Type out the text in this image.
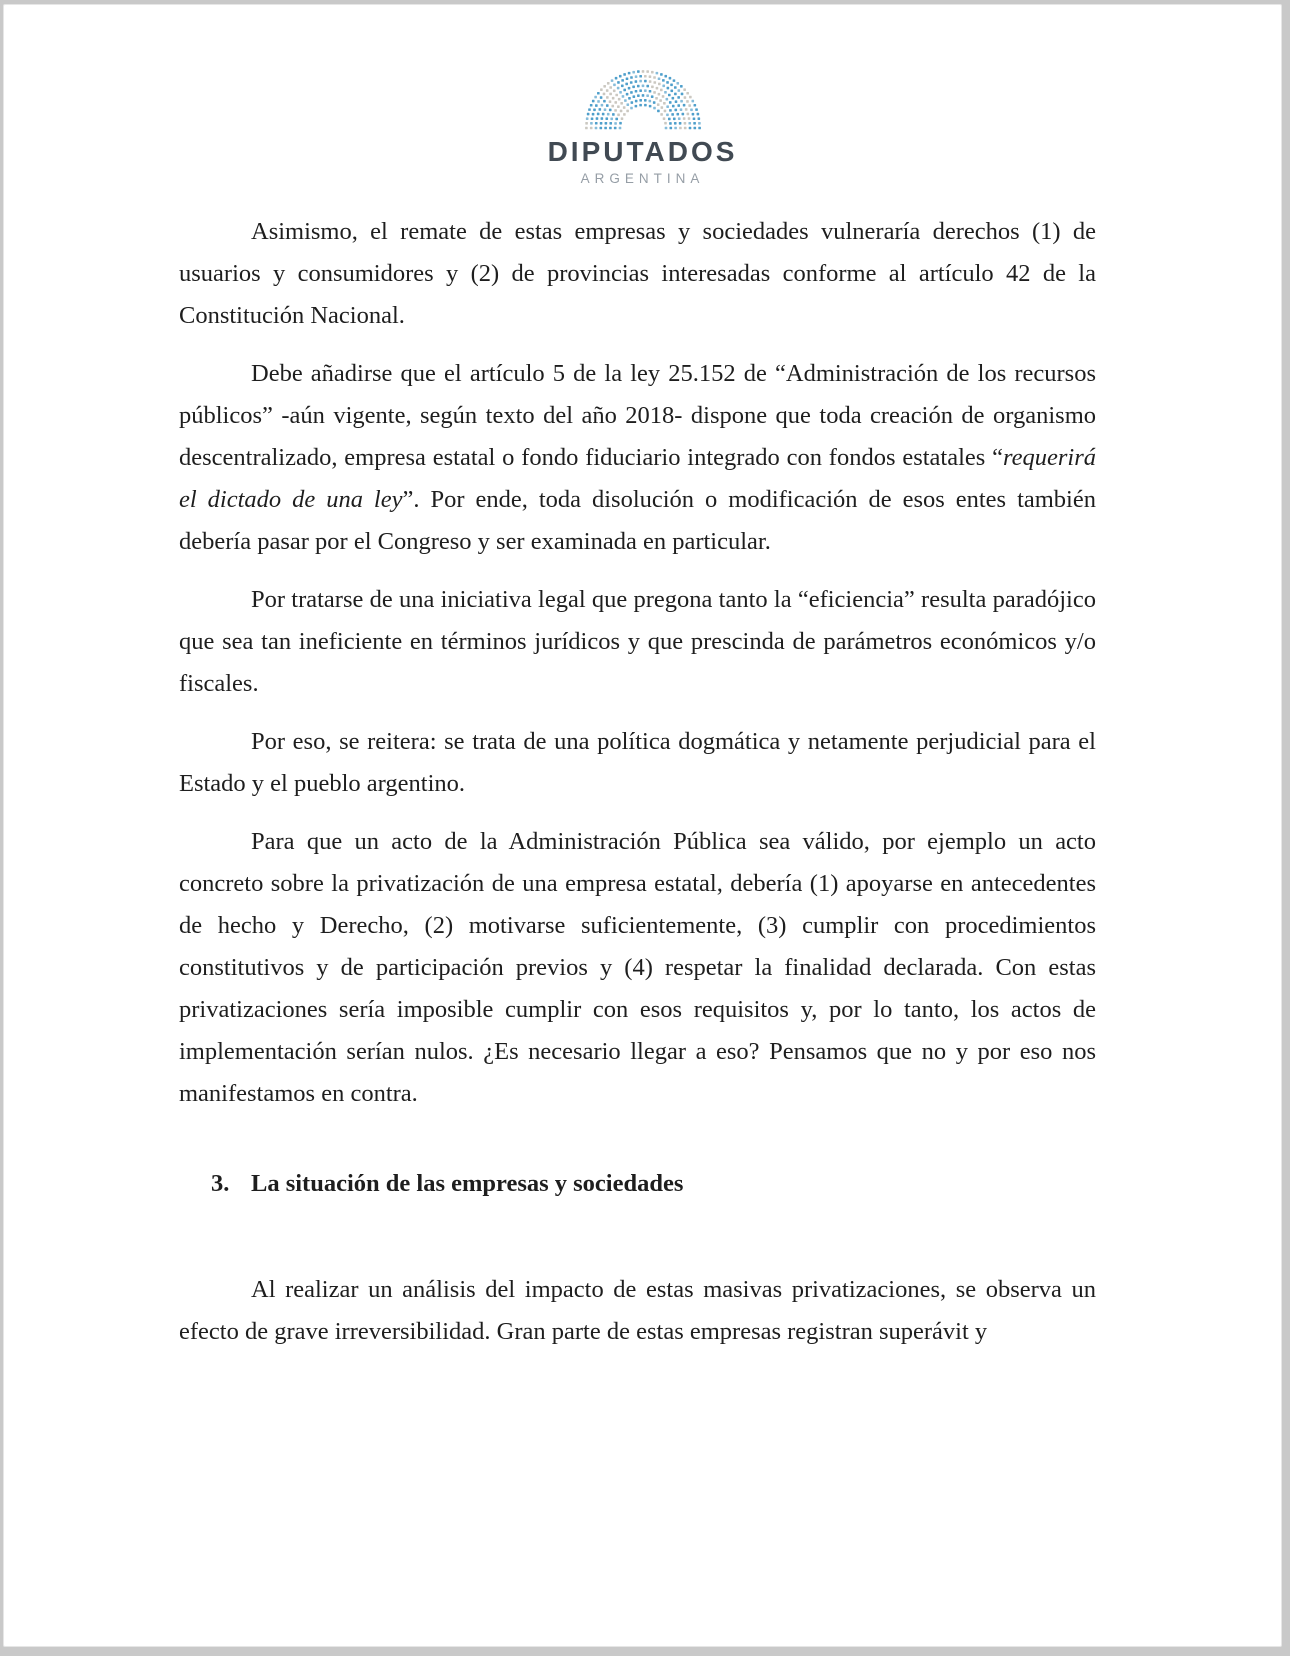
DIPUTADOS
ARGENTINA

Asimismo, el remate de estas empresas y sociedades vulneraría derechos (1) de usuarios y consumidores y (2) de provincias interesadas conforme al artículo 42 de la Constitución Nacional.

Debe añadirse que el artículo 5 de la ley 25.152 de “Administración de los recursos públicos” -aún vigente, según texto del año 2018- dispone que toda creación de organismo descentralizado, empresa estatal o fondo fiduciario integrado con fondos estatales “requerirá el dictado de una ley”. Por ende, toda disolución o modificación de esos entes también debería pasar por el Congreso y ser examinada en particular.

Por tratarse de una iniciativa legal que pregona tanto la “eficiencia” resulta paradójico que sea tan ineficiente en términos jurídicos y que prescinda de parámetros económicos y/o fiscales.

Por eso, se reitera: se trata de una política dogmática y netamente perjudicial para el Estado y el pueblo argentino.

Para que un acto de la Administración Pública sea válido, por ejemplo un acto concreto sobre la privatización de una empresa estatal, debería (1) apoyarse en antecedentes de hecho y Derecho, (2) motivarse suficientemente, (3) cumplir con procedimientos constitutivos y de participación previos y (4) respetar la finalidad declarada. Con estas privatizaciones sería imposible cumplir con esos requisitos y, por lo tanto, los actos de implementación serían nulos. ¿Es necesario llegar a eso? Pensamos que no y por eso nos manifestamos en contra.

3. La situación de las empresas y sociedades

Al realizar un análisis del impacto de estas masivas privatizaciones, se observa un efecto de grave irreversibilidad. Gran parte de estas empresas registran superávit y
